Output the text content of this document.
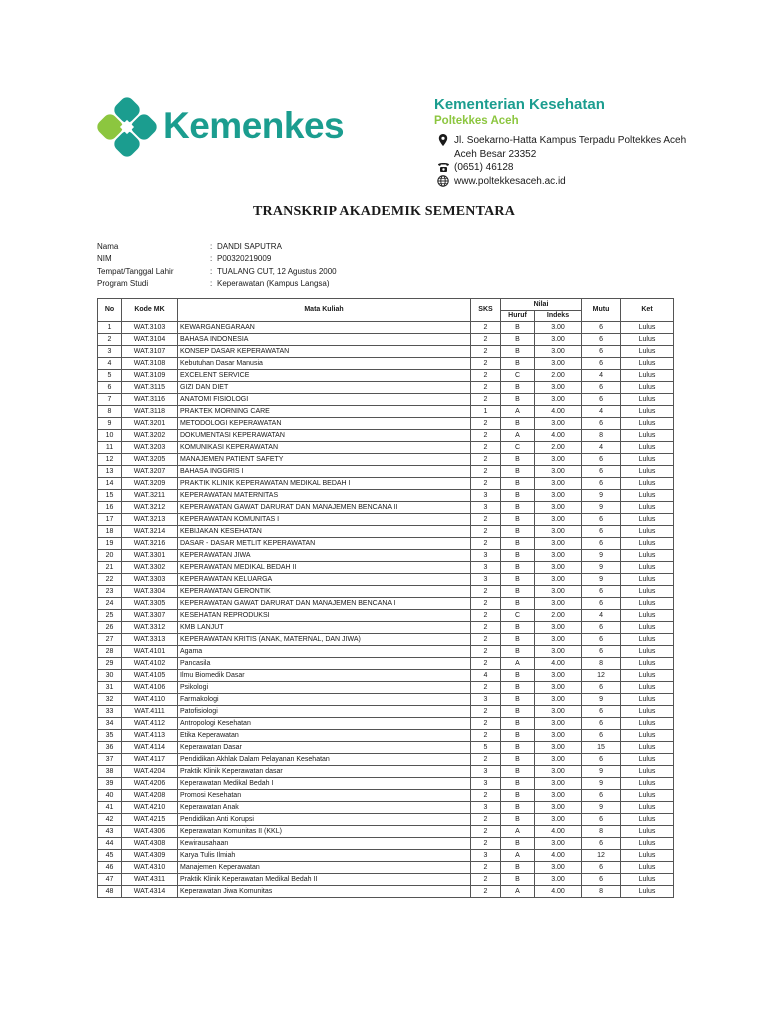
Kemenkes
Kementerian Kesehatan
Poltekkes Aceh
Jl. Soekarno-Hatta Kampus Terpadu Poltekkes Aceh
Aceh Besar 23352
(0651) 46128
www.poltekkesaceh.ac.id
TRANSKRIP AKADEMIK SEMENTARA
Nama	: DANDI SAPUTRA
NIM	: P00320219009
Tempat/Tanggal Lahir	: TUALANG CUT, 12 Agustus 2000
Program Studi	: Keperawatan (Kampus Langsa)
No	Kode MK	Mata Kuliah	SKS	Nilai		Mutu	Ket
				Huruf	Indeks		
1	WAT.3103	KEWARGANEGARAAN	2	B	3.00	6	Lulus
2	WAT.3104	BAHASA INDONESIA	2	B	3.00	6	Lulus
3	WAT.3107	KONSEP DASAR KEPERAWATAN	2	B	3.00	6	Lulus
4	WAT.3108	Kebutuhan Dasar Manusia	2	B	3.00	6	Lulus
5	WAT.3109	EXCELENT SERVICE	2	C	2.00	4	Lulus
6	WAT.3115	GIZI DAN DIET	2	B	3.00	6	Lulus
7	WAT.3116	ANATOMI FISIOLOGI	2	B	3.00	6	Lulus
8	WAT.3118	PRAKTEK MORNING CARE	1	A	4.00	4	Lulus
9	WAT.3201	METODOLOGI KEPERAWATAN	2	B	3.00	6	Lulus
10	WAT.3202	DOKUMENTASI KEPERAWATAN	2	A	4.00	8	Lulus
11	WAT.3203	KOMUNIKASI KEPERAWATAN	2	C	2.00	4	Lulus
12	WAT.3205	MANAJEMEN PATIENT SAFETY	2	B	3.00	6	Lulus
13	WAT.3207	BAHASA INGGRIS I	2	B	3.00	6	Lulus
14	WAT.3209	PRAKTIK KLINIK KEPERAWATAN MEDIKAL BEDAH I	2	B	3.00	6	Lulus
15	WAT.3211	KEPERAWATAN MATERNITAS	3	B	3.00	9	Lulus
16	WAT.3212	KEPERAWATAN GAWAT DARURAT DAN MANAJEMEN BENCANA II	3	B	3.00	9	Lulus
17	WAT.3213	KEPERAWATAN KOMUNITAS I	2	B	3.00	6	Lulus
18	WAT.3214	KEBIJAKAN KESEHATAN	2	B	3.00	6	Lulus
19	WAT.3216	DASAR - DASAR METLIT KEPERAWATAN	2	B	3.00	6	Lulus
20	WAT.3301	KEPERAWATAN JIWA	3	B	3.00	9	Lulus
21	WAT.3302	KEPERAWATAN MEDIKAL BEDAH II	3	B	3.00	9	Lulus
22	WAT.3303	KEPERAWATAN KELUARGA	3	B	3.00	9	Lulus
23	WAT.3304	KEPERAWATAN GERONTIK	2	B	3.00	6	Lulus
24	WAT.3305	KEPERAWATAN GAWAT DARURAT DAN MANAJEMEN BENCANA I	2	B	3.00	6	Lulus
25	WAT.3307	KESEHATAN REPRODUKSI	2	C	2.00	4	Lulus
26	WAT.3312	KMB LANJUT	2	B	3.00	6	Lulus
27	WAT.3313	KEPERAWATAN KRITIS (ANAK, MATERNAL, DAN JIWA)	2	B	3.00	6	Lulus
28	WAT.4101	Agama	2	B	3.00	6	Lulus
29	WAT.4102	Pancasila	2	A	4.00	8	Lulus
30	WAT.4105	Ilmu Biomedik Dasar	4	B	3.00	12	Lulus
31	WAT.4106	Psikologi	2	B	3.00	6	Lulus
32	WAT.4110	Farmakologi	3	B	3.00	9	Lulus
33	WAT.4111	Patofisiologi	2	B	3.00	6	Lulus
34	WAT.4112	Antropologi Kesehatan	2	B	3.00	6	Lulus
35	WAT.4113	Etika Keperawatan	2	B	3.00	6	Lulus
36	WAT.4114	Keperawatan Dasar	5	B	3.00	15	Lulus
37	WAT.4117	Pendidikan Akhlak Dalam Pelayanan Kesehatan	2	B	3.00	6	Lulus
38	WAT.4204	Praktik Klinik Keperawatan dasar	3	B	3.00	9	Lulus
39	WAT.4206	Keperawatan Medikal Bedah I	3	B	3.00	9	Lulus
40	WAT.4208	Promosi Kesehatan	2	B	3.00	6	Lulus
41	WAT.4210	Keperawatan Anak	3	B	3.00	9	Lulus
42	WAT.4215	Pendidikan Anti Korupsi	2	B	3.00	6	Lulus
43	WAT.4306	Keperawatan Komunitas II (KKL)	2	A	4.00	8	Lulus
44	WAT.4308	Kewirausahaan	2	B	3.00	6	Lulus
45	WAT.4309	Karya Tulis Ilmiah	3	A	4.00	12	Lulus
46	WAT.4310	Manajemen Keperawatan	2	B	3.00	6	Lulus
47	WAT.4311	Praktik Klinik Keperawatan Medikal Bedah II	2	B	3.00	6	Lulus
48	WAT.4314	Keperawatan Jiwa Komunitas	2	A	4.00	8	Lulus
